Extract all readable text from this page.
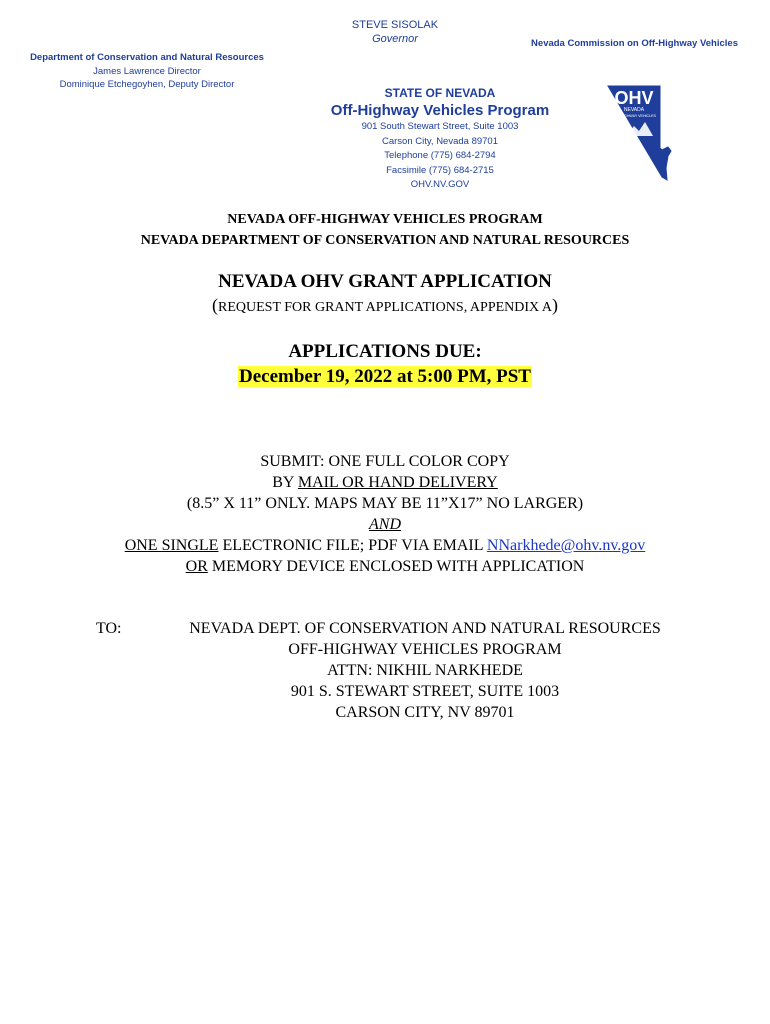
STEVE SISOLAK
Governor	Nevada Commission on Off-Highway Vehicles
Department of Conservation and Natural Resources
James Lawrence Director
Dominique Etchegoyhen, Deputy Director
STATE OF NEVADA
Off-Highway Vehicles Program
901 South Stewart Street, Suite 1003
Carson City, Nevada 89701
Telephone (775) 684-2794
Facsimile (775) 684-2715
OHV.NV.GOV
OHV
NEVADA
OFF-HIGHWAY VEHICLES
NEVADA OFF-HIGHWAY VEHICLES PROGRAM
NEVADA DEPARTMENT OF CONSERVATION AND NATURAL RESOURCES
NEVADA OHV GRANT APPLICATION
(REQUEST FOR GRANT APPLICATIONS, APPENDIX A)
APPLICATIONS DUE:
December 19, 2022 at 5:00 PM, PST
SUBMIT: ONE FULL COLOR COPY
BY MAIL OR HAND DELIVERY
(8.5” X 11” ONLY. MAPS MAY BE 11”X17” NO LARGER)
AND
ONE SINGLE ELECTRONIC FILE; PDF VIA EMAIL NNarkhede@ohv.nv.gov
OR MEMORY DEVICE ENCLOSED WITH APPLICATION
TO:	NEVADA DEPT. OF CONSERVATION AND NATURAL RESOURCES
OFF-HIGHWAY VEHICLES PROGRAM
ATTN: NIKHIL NARKHEDE
901 S. STEWART STREET, SUITE 1003
CARSON CITY, NV 89701
